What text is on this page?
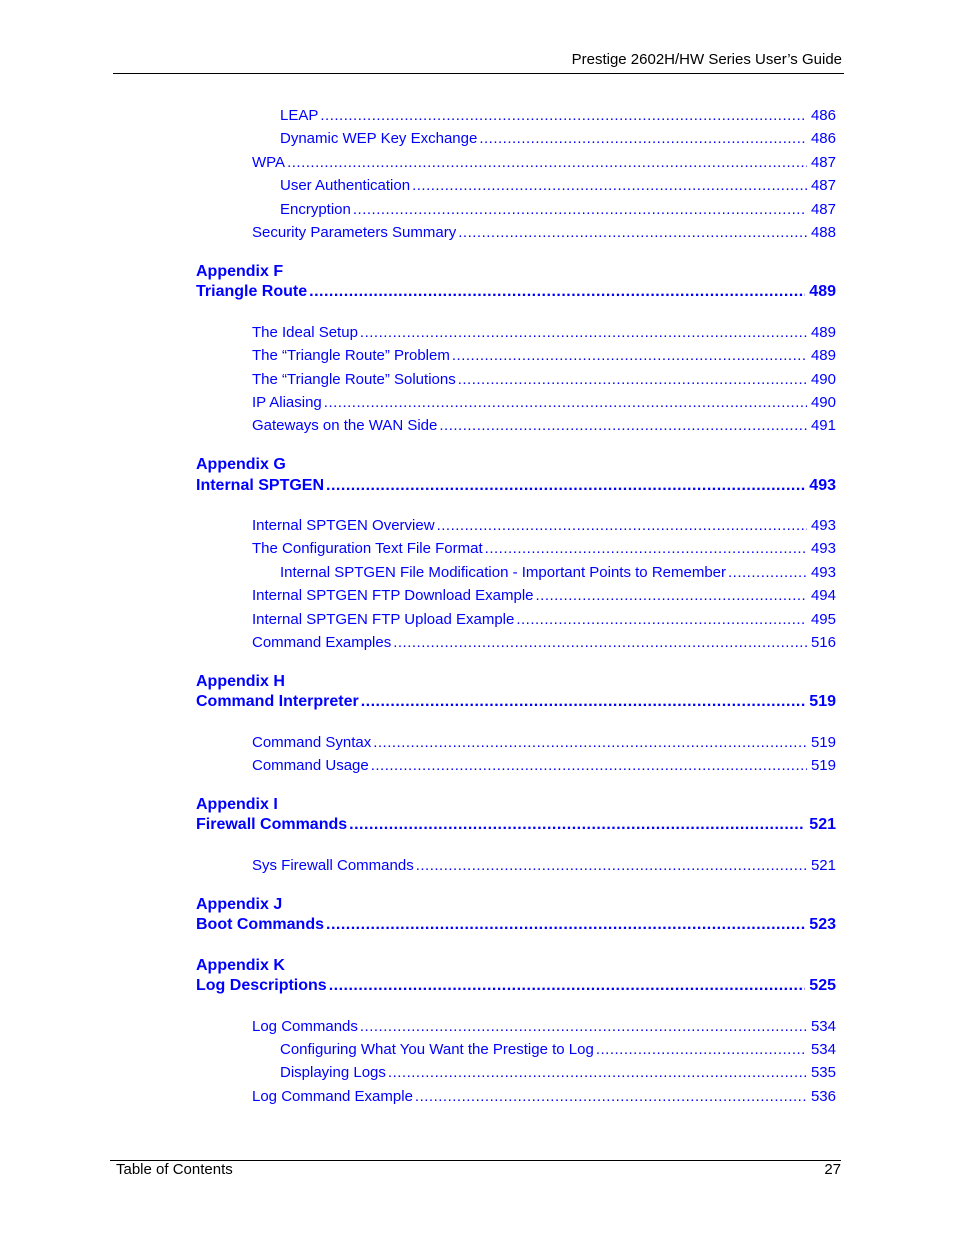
Prestige 2602H/HW Series User’s Guide
LEAP .....	486
Dynamic WEP Key Exchange .....	486
WPA .....	487
User Authentication .....	487
Encryption .....	487
Security Parameters Summary .....	488
Appendix F
Triangle Route .....	489
The Ideal Setup .....	489
The “Triangle Route” Problem .....	489
The “Triangle Route” Solutions .....	490
IP Aliasing .....	490
Gateways on the WAN Side .....	491
Appendix G
Internal SPTGEN .....	493
Internal SPTGEN Overview .....	493
The Configuration Text File Format .....	493
Internal SPTGEN File Modification - Important Points to Remember .....	493
Internal SPTGEN FTP Download Example .....	494
Internal SPTGEN FTP Upload Example .....	495
Command Examples .....	516
Appendix H
Command Interpreter .....	519
Command Syntax .....	519
Command Usage .....	519
Appendix I
Firewall Commands .....	521
Sys Firewall Commands .....	521
Appendix J
Boot Commands .....	523
Appendix K
Log Descriptions .....	525
Log Commands .....	534
Configuring What You Want the Prestige to Log .....	534
Displaying Logs .....	535
Log Command Example .....	536
Table of Contents	27
